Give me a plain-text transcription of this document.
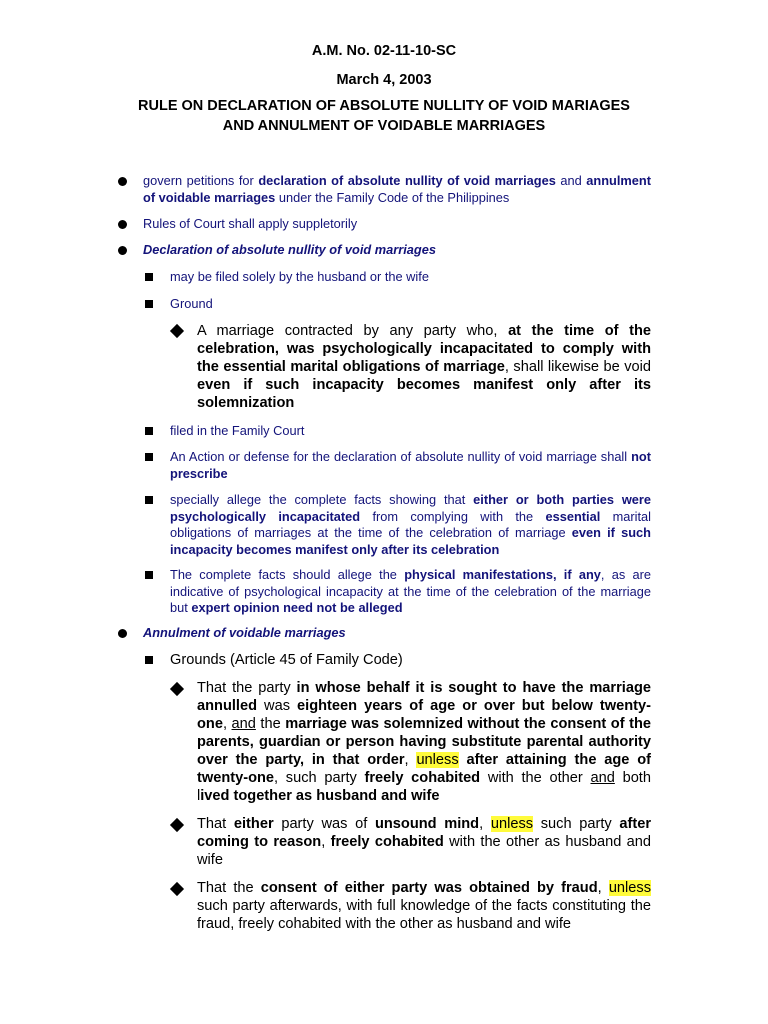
A.M. No. 02-11-10-SC

March 4, 2003

RULE ON DECLARATION OF ABSOLUTE NULLITY OF VOID MARIAGES

AND ANNULMENT OF VOIDABLE MARRIAGES

govern petitions for declaration of absolute nullity of void marriages and annulment of voidable marriages under the Family Code of the Philippines

Rules of Court shall apply suppletorily

Declaration of absolute nullity of void marriages

may be filed solely by the husband or the wife

Ground

A marriage contracted by any party who, at the time of the celebration, was psychologically incapacitated to comply with the essential marital obligations of marriage, shall likewise be void even if such incapacity becomes manifest only after its solemnization

filed in the Family Court

An Action or defense for the declaration of absolute nullity of void marriage shall not prescribe

specially allege the complete facts showing that either or both parties were psychologically incapacitated from complying with the essential marital obligations of marriages at the time of the celebration of marriage even if such incapacity becomes manifest only after its celebration

The complete facts should allege the physical manifestations, if any, as are indicative of psychological incapacity at the time of the celebration of the marriage but expert opinion need not be alleged

Annulment of voidable marriages

Grounds (Article 45 of Family Code)

That the party in whose behalf it is sought to have the marriage annulled was eighteen years of age or over but below twenty-one, and the marriage was solemnized without the consent of the parents, guardian or person having substitute parental authority over the party, in that order, unless after attaining the age of twenty-one, such party freely cohabited with the other and both lived together as husband and wife

That either party was of unsound mind, unless such party after coming to reason, freely cohabited with the other as husband and wife

That the consent of either party was obtained by fraud, unless such party afterwards, with full knowledge of the facts constituting the fraud, freely cohabited with the other as husband and wife
